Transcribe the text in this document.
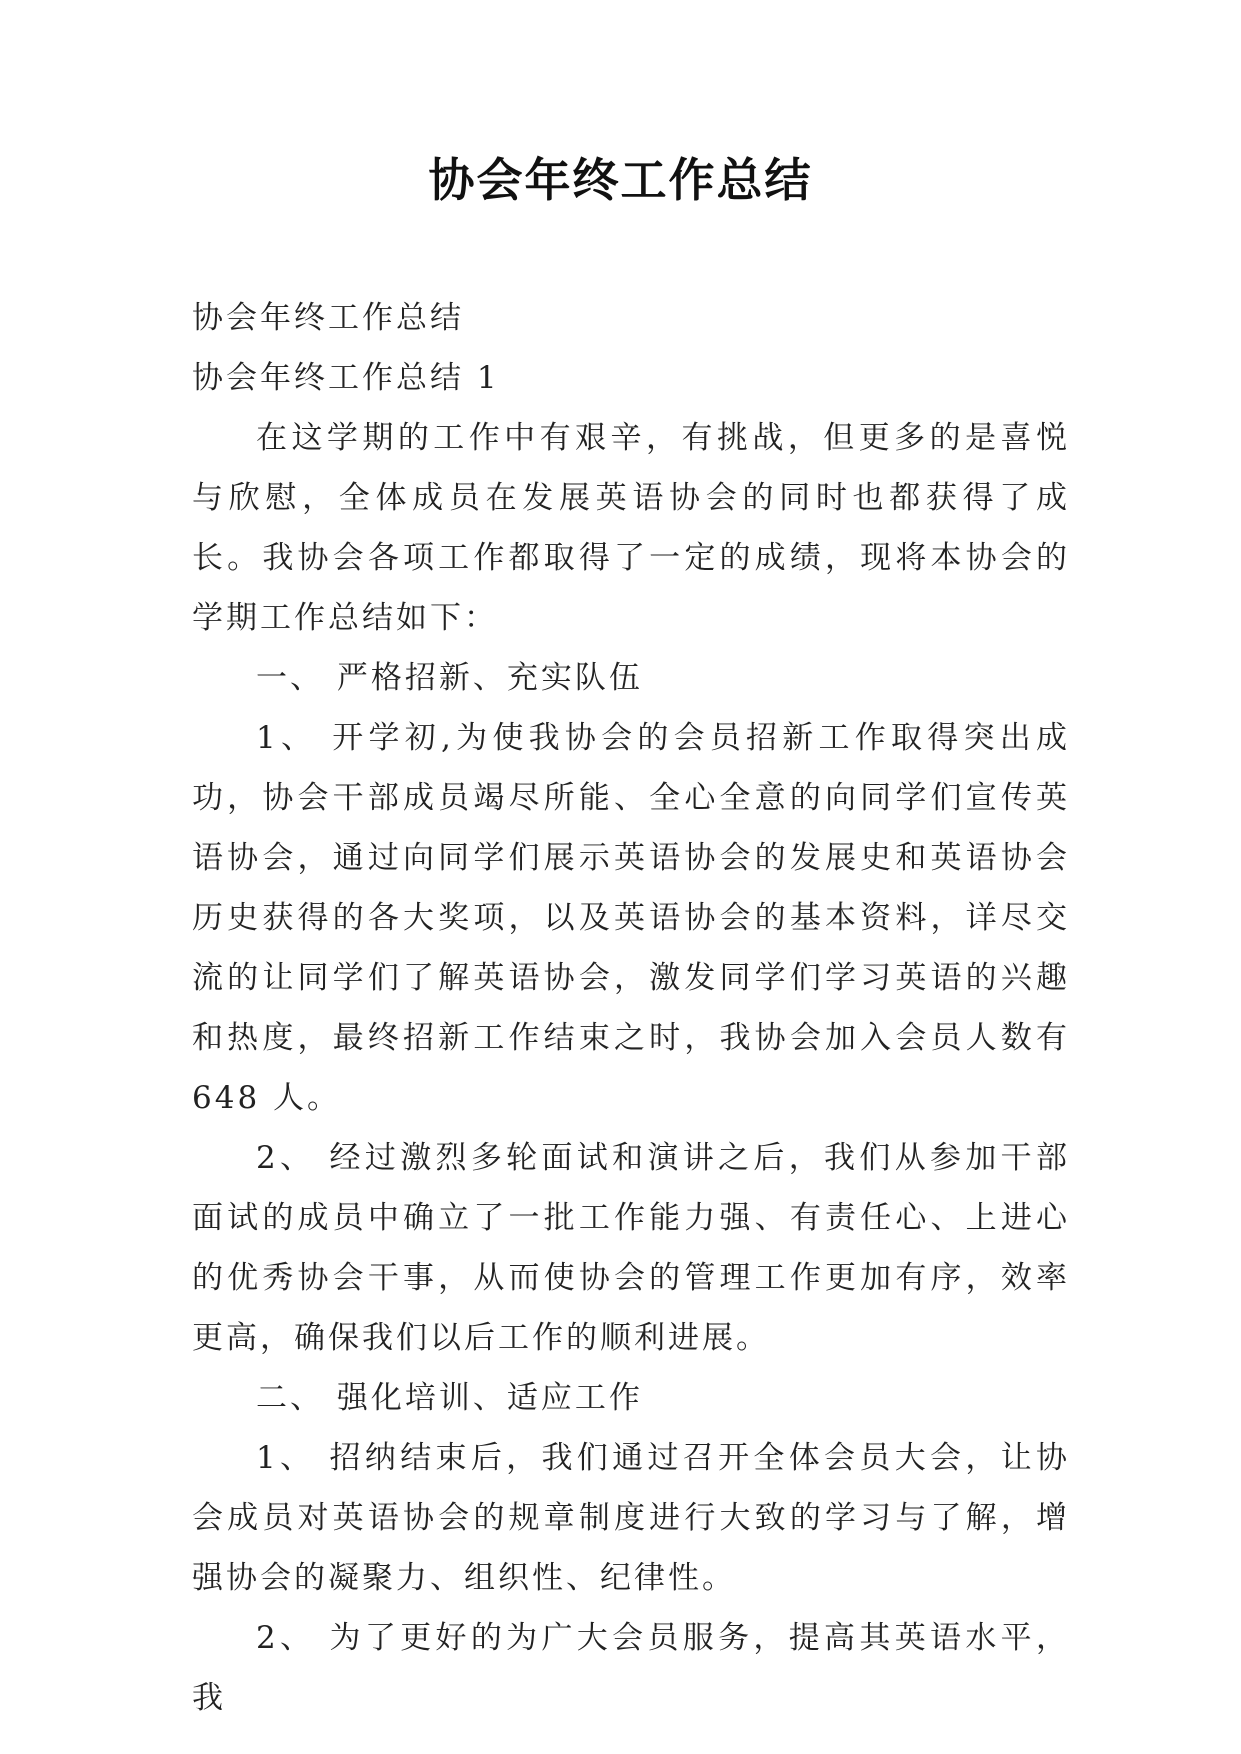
协会年终工作总结

协会年终工作总结

协会年终工作总结 1

在这学期的工作中有艰辛，有挑战，但更多的是喜悦与欣慰，全体成员在发展英语协会的同时也都获得了成长。我协会各项工作都取得了一定的成绩，现将本协会的学期工作总结如下：

一、 严格招新、充实队伍

1、 开学初,为使我协会的会员招新工作取得突出成功，协会干部成员竭尽所能、全心全意的向同学们宣传英语协会，通过向同学们展示英语协会的发展史和英语协会历史获得的各大奖项，以及英语协会的基本资料，详尽交流的让同学们了解英语协会，激发同学们学习英语的兴趣和热度，最终招新工作结束之时，我协会加入会员人数有 648 人。

2、 经过激烈多轮面试和演讲之后，我们从参加干部面试的成员中确立了一批工作能力强、有责任心、上进心的优秀协会干事，从而使协会的管理工作更加有序，效率更高，确保我们以后工作的顺利进展。

二、 强化培训、适应工作

1、 招纳结束后，我们通过召开全体会员大会，让协会成员对英语协会的规章制度进行大致的学习与了解，增强协会的凝聚力、组织性、纪律性。

2、 为了更好的为广大会员服务，提高其英语水平，我
